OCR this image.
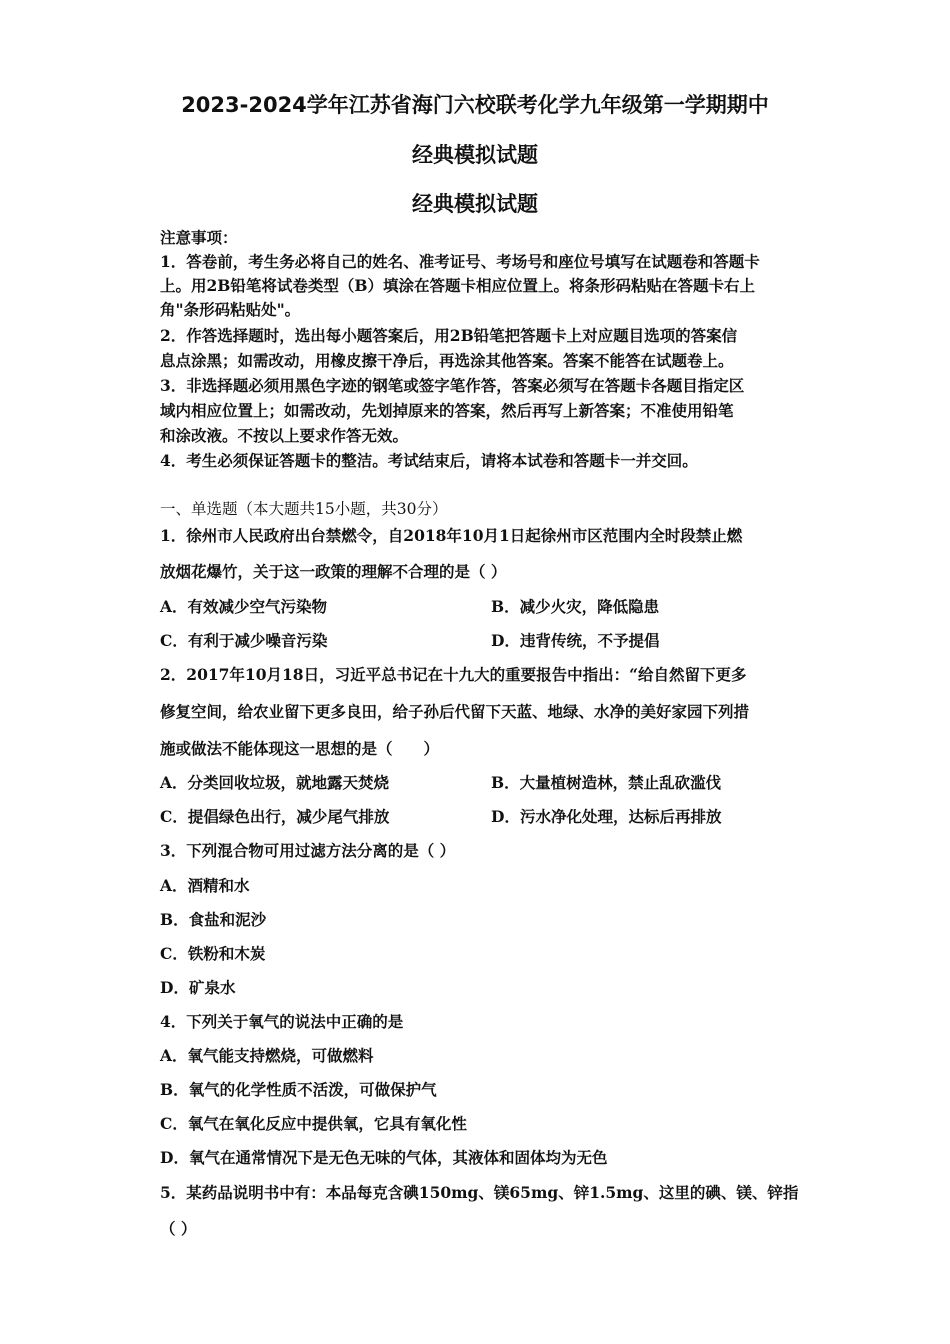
2023-2024学年江苏省海门六校联考化学九年级第一学期期中
经典模拟试题
经典模拟试题
注意事项：
1．答卷前，考生务必将自己的姓名、准考证号、考场号和座位号填写在试题卷和答题卡
上。用2B铅笔将试卷类型（B）填涂在答题卡相应位置上。将条形码粘贴在答题卡右上
角"条形码粘贴处"。
2．作答选择题时，选出每小题答案后，用2B铅笔把答题卡上对应题目选项的答案信
息点涂黑；如需改动，用橡皮擦干净后，再选涂其他答案。答案不能答在试题卷上。
3．非选择题必须用黑色字迹的钢笔或签字笔作答，答案必须写在答题卡各题目指定区
域内相应位置上；如需改动，先划掉原来的答案，然后再写上新答案；不准使用铅笔
和涂改液。不按以上要求作答无效。
4．考生必须保证答题卡的整洁。考试结束后，请将本试卷和答题卡一并交回。
一、单选题（本大题共15小题，共30分）
1．徐州市人民政府出台禁燃令，自2018年10月1日起徐州市区范围内全时段禁止燃
放烟花爆竹，关于这一政策的理解不合理的是（ ）
A．有效减少空气污染物	B．减少火灾，降低隐患
C．有利于减少噪音污染	D．违背传统，不予提倡
2．2017年10月18日，习近平总书记在十九大的重要报告中指出：“给自然留下更多
修复空间，给农业留下更多良田，给子孙后代留下天蓝、地绿、水净的美好家园下列措
施或做法不能体现这一思想的是（　　）
A．分类回收垃圾，就地露天焚烧	B．大量植树造林，禁止乱砍滥伐
C．提倡绿色出行，减少尾气排放	D．污水净化处理，达标后再排放
3．下列混合物可用过滤方法分离的是（ ）
A．酒精和水
B．食盐和泥沙
C．铁粉和木炭
D．矿泉水
4．下列关于氧气的说法中正确的是
A．氧气能支持燃烧，可做燃料
B．氧气的化学性质不活泼，可做保护气
C．氧气在氧化反应中提供氧，它具有氧化性
D．氧气在通常情况下是无色无味的气体，其液体和固体均为无色
5．某药品说明书中有：本品每克含碘150mg、镁65mg、锌1.5mg、这里的碘、镁、锌指
（ ）
